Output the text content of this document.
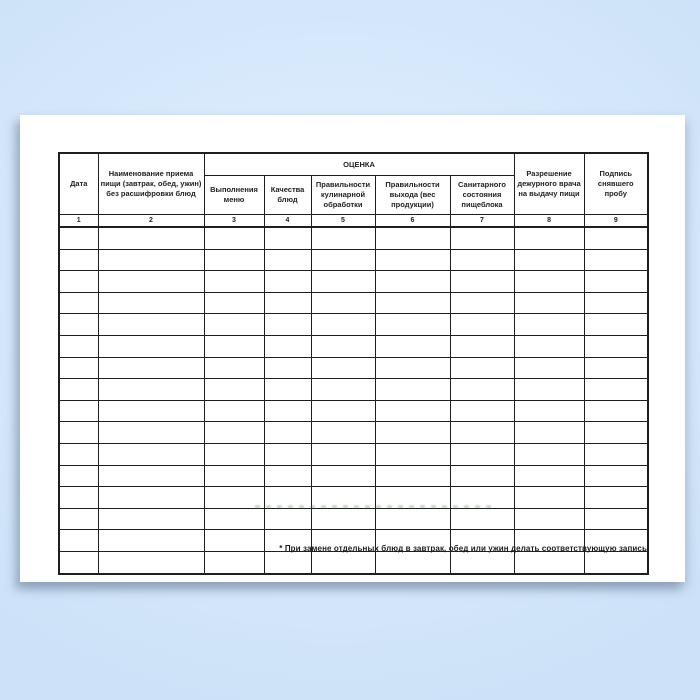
Дата	Наименование приема пищи (завтрак, обед, ужин) без расшифровки блюд	ОЦЕНКА					Разрешение дежурного врача на выдачу пищи	Подпись снявшего пробу
		Выполнения меню	Качества блюд	Правильности кулинарной обработки	Правильности выхода (вес продукции)	Санитарного состояния пищеблока		
1	2	3	4	5	6	7	8	9

* При замене отдельных блюд в завтрак, обед или ужин делать соответствующую запись
